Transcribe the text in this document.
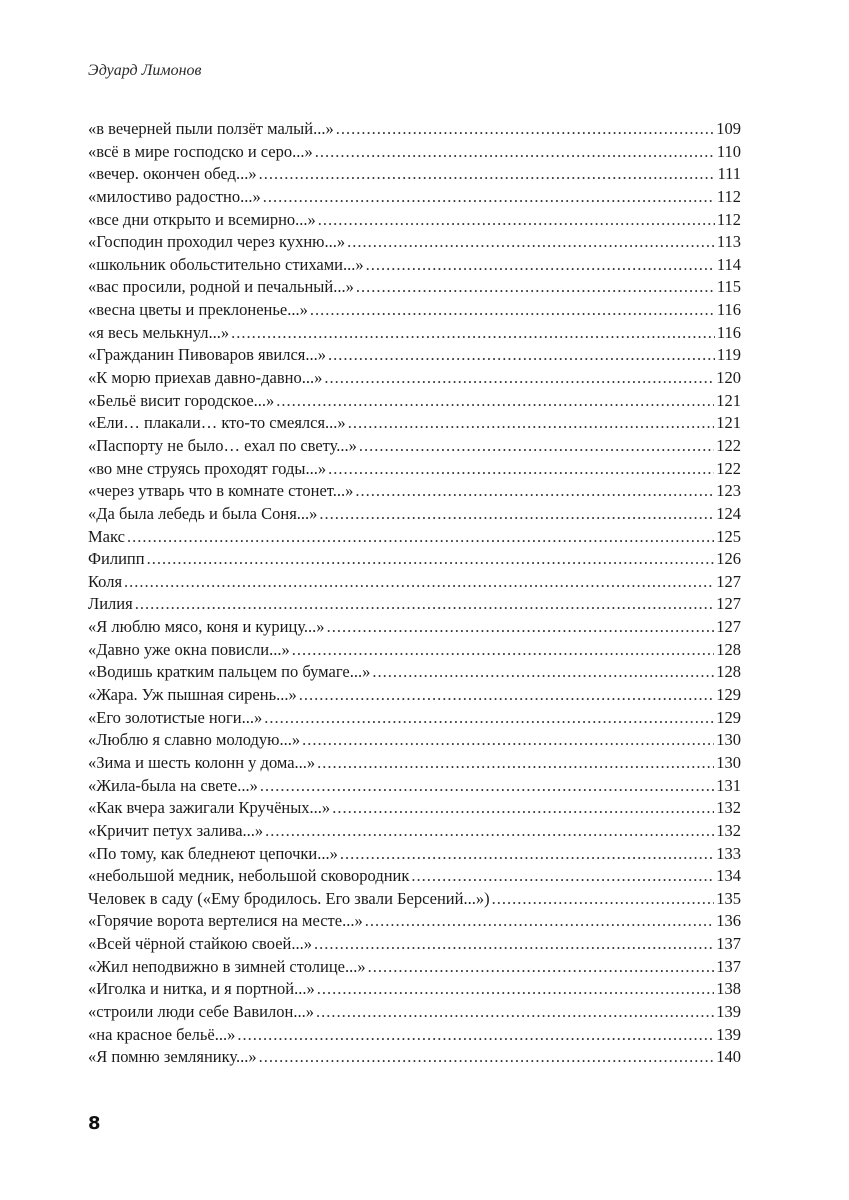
Эдуард Лимонов
«в вечерней пыли ползёт малый...» .....	109
«всё в мире господско и серо...» .....	110
«вечер. окончен обед...» .....	111
«милостиво радостно...» .....	112
«все дни открыто и всемирно...» .....	112
«Господин проходил через кухню...» .....	113
«школьник обольстительно стихами...» .....	114
«вас просили, родной и печальный...» .....	115
«весна цветы и преклоненье...» .....	116
«я весь мелькнул...» .....	116
«Гражданин Пивоваров явился...» .....	119
«К морю приехав давно-давно...» .....	120
«Бельё висит городское...» .....	121
«Ели… плакали… кто-то смеялся...» .....	121
«Паспорту не было… ехал по свету...» .....	122
«во мне струясь проходят годы...» .....	122
«через утварь что в комнате стонет...» .....	123
«Да была лебедь и была Соня...» .....	124
Макс .....	125
Филипп .....	126
Коля .....	127
Лилия .....	127
«Я люблю мясо, коня и курицу...» .....	127
«Давно уже окна повисли...» .....	128
«Водишь кратким пальцем по бумаге...» .....	128
«Жара. Уж пышная сирень...» .....	129
«Его золотистые ноги...» .....	129
«Люблю я славно молодую...» .....	130
«Зима и шесть колонн у дома...» .....	130
«Жила-была на свете...» .....	131
«Как вчера зажигали Кручёных...» .....	132
«Кричит петух залива...» .....	132
«По тому, как бледнеют цепочки...» .....	133
«небольшой медник, небольшой сковородник .....	134
Человек в саду («Ему бродилось. Его звали Берсений...») .....	135
«Горячие ворота вертелися на месте...» .....	136
«Всей чёрной стайкою своей...» .....	137
«Жил неподвижно в зимней столице...» .....	137
«Иголка и нитка, и я портной...» .....	138
«строили люди себе Вавилон...» .....	139
«на красное бельё...» .....	139
«Я помню землянику...» .....	140
8
